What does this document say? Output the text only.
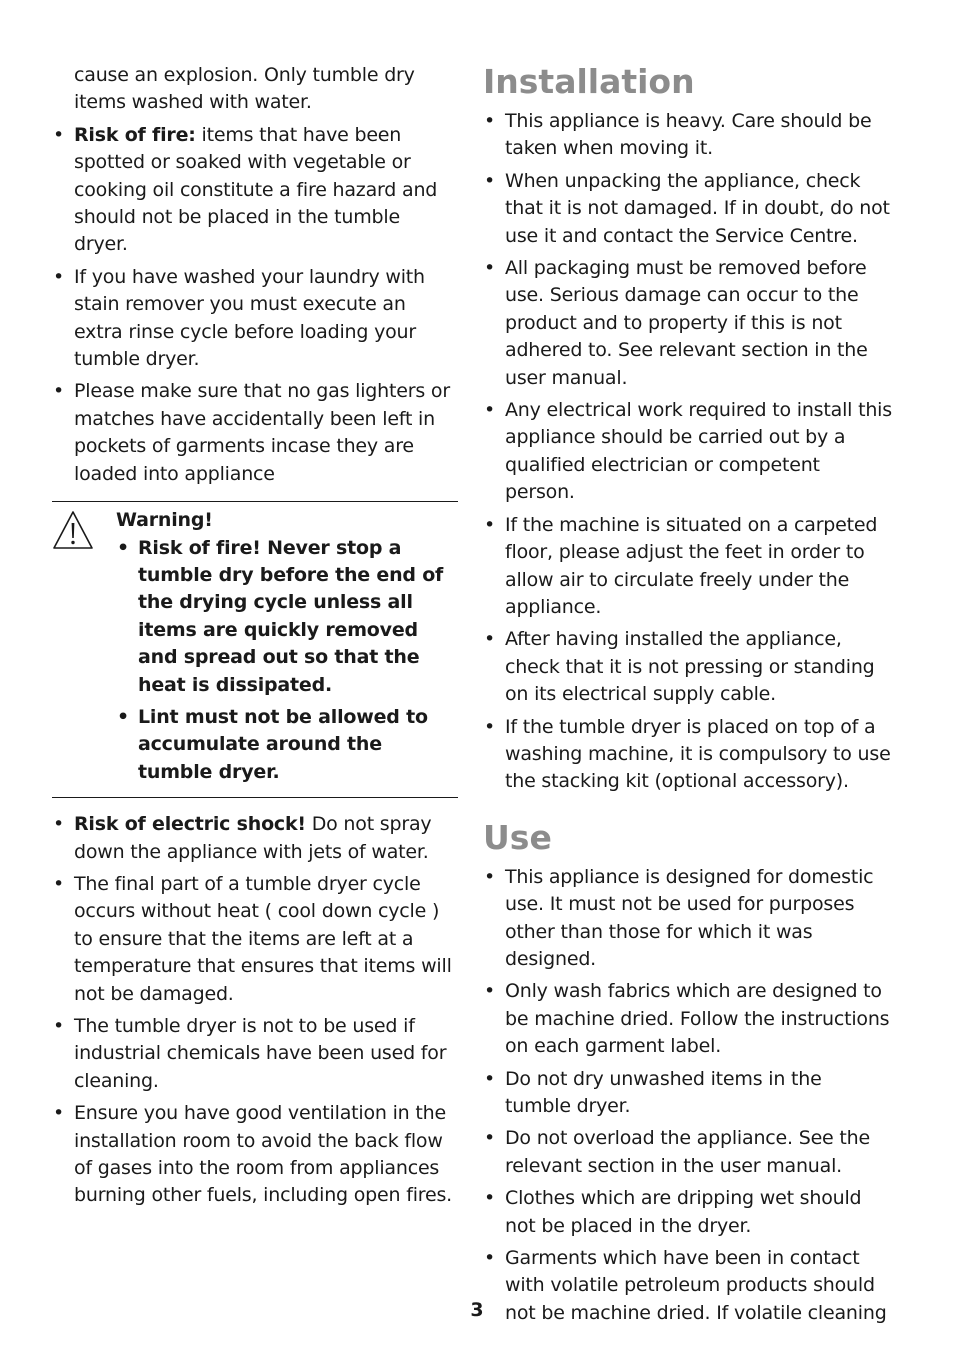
cause an explosion. Only tumble dry items washed with water.

• Risk of fire: items that have been spotted or soaked with vegetable or cooking oil constitute a fire hazard and should not be placed in the tumble dryer.
• If you have washed your laundry with stain remover you must execute an extra rinse cycle before loading your tumble dryer.
• Please make sure that no gas lighters or matches have accidentally been left in pockets of garments incase they are loaded into appliance

Warning!

• Risk of fire! Never stop a tumble dry before the end of the drying cycle unless all items are quickly removed and spread out so that the heat is dissipated.
• Lint must not be allowed to accumulate around the tumble dryer.
• Risk of electric shock! Do not spray down the appliance with jets of water.
• The final part of a tumble dryer cycle occurs without heat ( cool down cycle ) to ensure that the items are left at a temperature that ensures that items will not be damaged.
• The tumble dryer is not to be used if industrial chemicals have been used for cleaning.
• Ensure you have good ventilation in the installation room to avoid the back flow of gases into the room from appliances burning other fuels, including open fires.
Installation
• This appliance is heavy. Care should be taken when moving it.
• When unpacking the appliance, check that it is not damaged. If in doubt, do not use it and contact the Service Centre.
• All packaging must be removed before use. Serious damage can occur to the product and to property if this is not adhered to. See relevant section in the user manual.
• Any electrical work required to install this appliance should be carried out by a qualified electrician or competent person.
• If the machine is situated on a carpeted floor, please adjust the feet in order to allow air to circulate freely under the appliance.
• After having installed the appliance, check that it is not pressing or standing on its electrical supply cable.
• If the tumble dryer is placed on top of a washing machine, it is compulsory to use the stacking kit (optional accessory).
Use
• This appliance is designed for domestic use. It must not be used for purposes other than those for which it was designed.
• Only wash fabrics which are designed to be machine dried. Follow the instructions on each garment label.
• Do not dry unwashed items in the tumble dryer.
• Do not overload the appliance. See the relevant section in the user manual.
• Clothes which are dripping wet should not be placed in the dryer.
• Garments which have been in contact with volatile petroleum products should not be machine dried. If volatile cleaning
3
